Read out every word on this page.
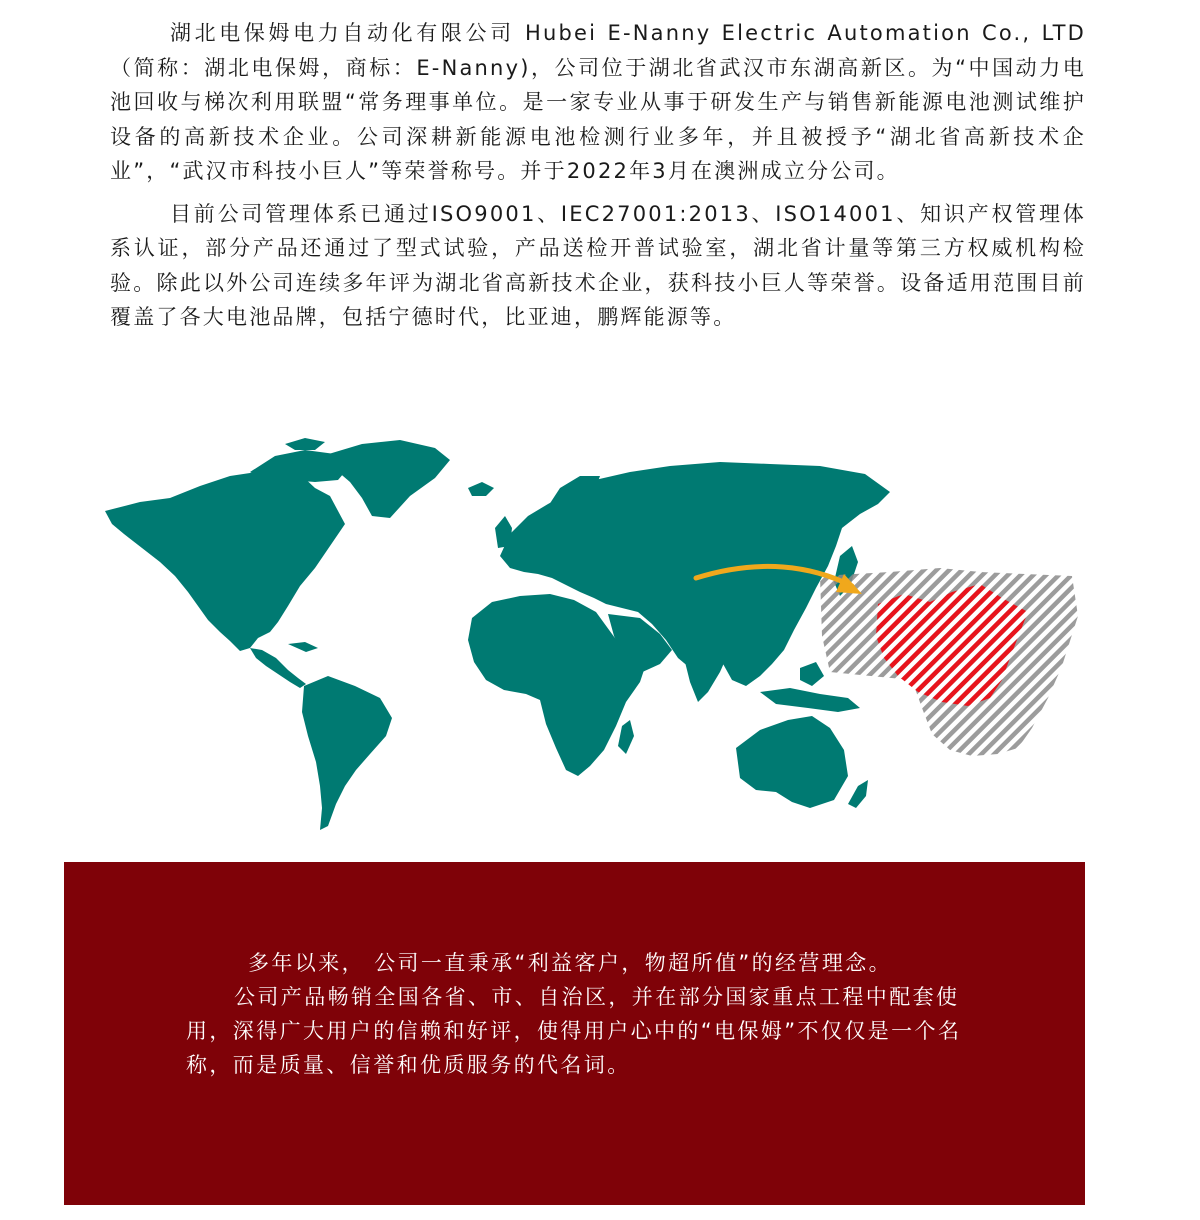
湖北电保姆电力自动化有限公司 Hubei E-Nanny Electric Automation Co., LTD （简称：湖北电保姆，商标：E-Nanny)，公司位于湖北省武汉市东湖高新区。为“中国动力电池回收与梯次利用联盟“常务理事单位。是一家专业从事于研发生产与销售新能源电池测试维护设备的高新技术企业。公司深耕新能源电池检测行业多年，并且被授予“湖北省高新技术企业”，“武汉市科技小巨人”等荣誉称号。并于2022年3月在澳洲成立分公司。

目前公司管理体系已通过ISO9001、IEC27001:2013、ISO14001、知识产权管理体系认证，部分产品还通过了型式试验，产品送检开普试验室，湖北省计量等第三方权威机构检验。除此以外公司连续多年评为湖北省高新技术企业，获科技小巨人等荣誉。设备适用范围目前覆盖了各大电池品牌，包括宁德时代，比亚迪，鹏辉能源等。

多年以来， 公司一直秉承“利益客户，物超所值”的经营理念。

公司产品畅销全国各省、市、自治区，并在部分国家重点工程中配套使用，深得广大用户的信赖和好评，使得用户心中的“电保姆”不仅仅是一个名称，而是质量、信誉和优质服务的代名词。
